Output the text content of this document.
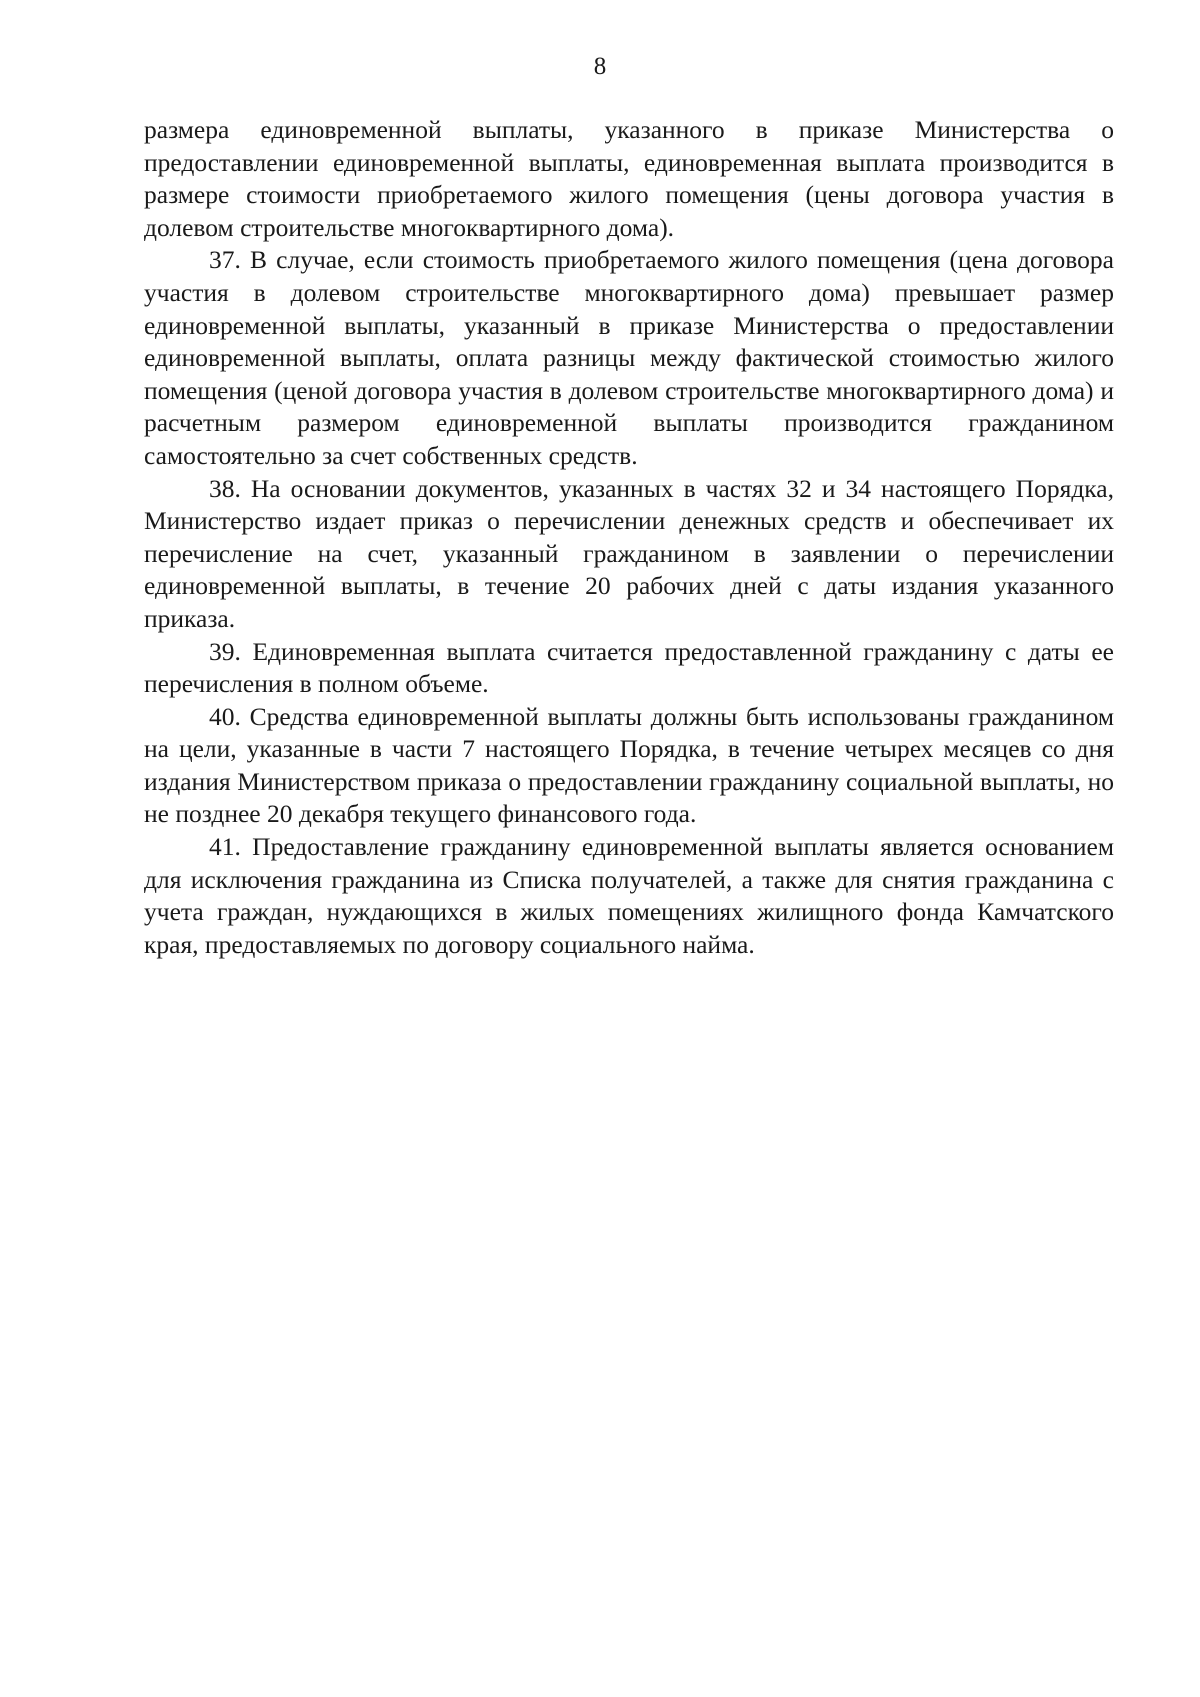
8

размера единовременной выплаты, указанного в приказе Министерства о предоставлении единовременной выплаты, единовременная выплата производится в размере стоимости приобретаемого жилого помещения (цены договора участия в долевом строительстве многоквартирного дома).

37. В случае, если стоимость приобретаемого жилого помещения (цена договора участия в долевом строительстве многоквартирного дома) превышает размер единовременной выплаты, указанный в приказе Министерства о предоставлении единовременной выплаты, оплата разницы между фактической стоимостью жилого помещения (ценой договора участия в долевом строительстве многоквартирного дома) и расчетным размером единовременной выплаты производится гражданином самостоятельно за счет собственных средств.

38. На основании документов, указанных в частях 32 и 34 настоящего Порядка, Министерство издает приказ о перечислении денежных средств и обеспечивает их перечисление на счет, указанный гражданином в заявлении о перечислении единовременной выплаты, в течение 20 рабочих дней с даты издания указанного приказа.

39. Единовременная выплата считается предоставленной гражданину с даты ее перечисления в полном объеме.

40. Средства единовременной выплаты должны быть использованы гражданином на цели, указанные в части 7 настоящего Порядка, в течение четырех месяцев со дня издания Министерством приказа о предоставлении гражданину социальной выплаты, но не позднее 20 декабря текущего финансового года.

41. Предоставление гражданину единовременной выплаты является основанием для исключения гражданина из Списка получателей, а также для снятия гражданина с учета граждан, нуждающихся в жилых помещениях жилищного фонда Камчатского края, предоставляемых по договору социального найма.
